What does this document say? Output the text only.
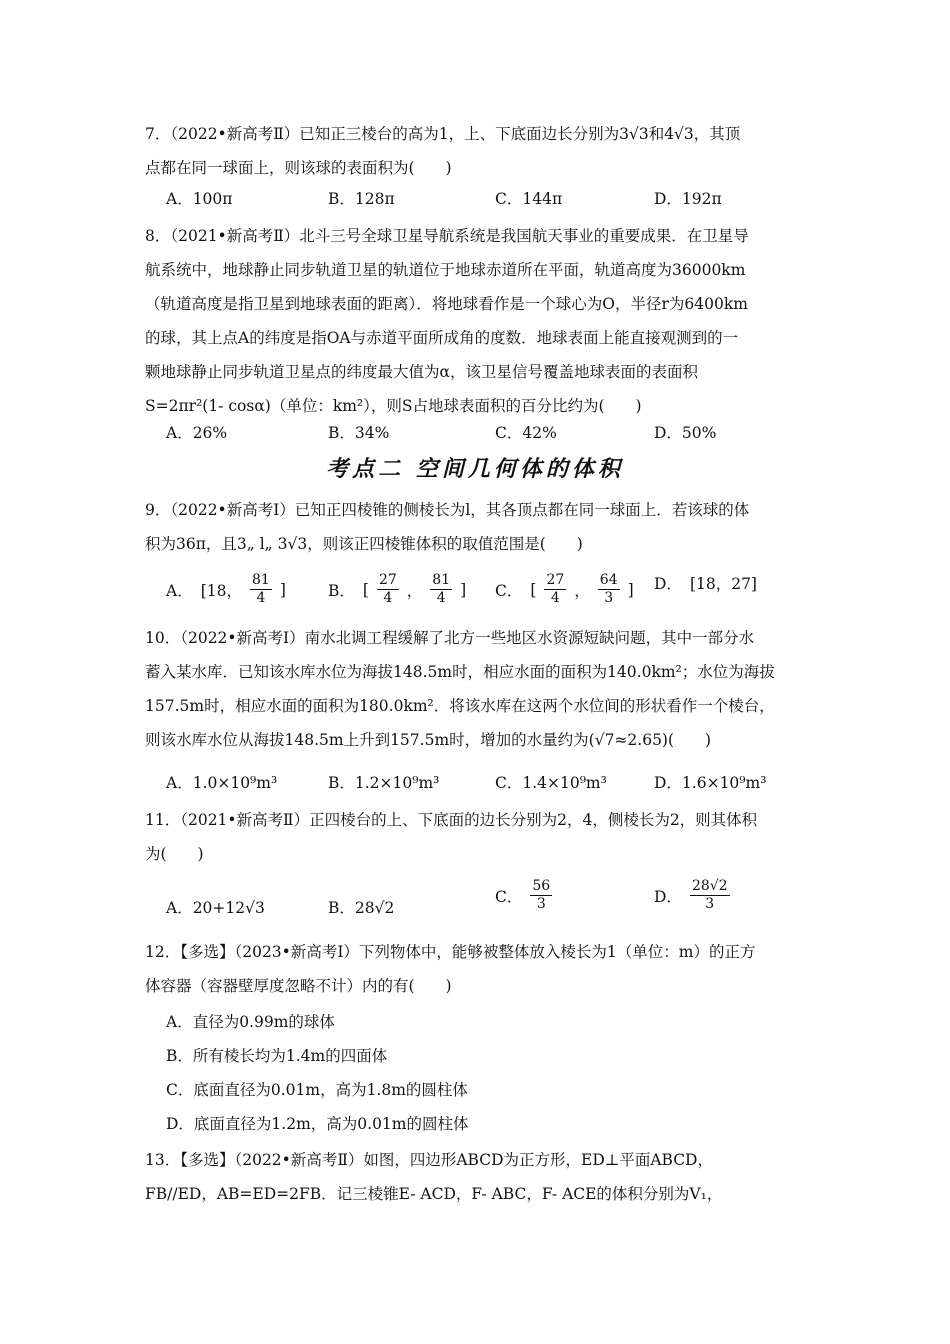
7．（2022•新高考Ⅱ）已知正三棱台的高为1，上、下底面边长分别为3√3和4√3，其顶
点都在同一球面上，则该球的表面积为(　　)
A．100π	B．128π	C．144π	D．192π
8．（2021•新高考Ⅱ）北斗三号全球卫星导航系统是我国航天事业的重要成果．在卫星导
航系统中，地球静止同步轨道卫星的轨道位于地球赤道所在平面，轨道高度为36000km
（轨道高度是指卫星到地球表面的距离）．将地球看作是一个球心为O，半径r为6400km
的球，其上点A的纬度是指OA与赤道平面所成角的度数．地球表面上能直接观测到的一
颗地球静止同步轨道卫星点的纬度最大值为α，该卫星信号覆盖地球表面的表面积
S=2πr²(1- cosα)（单位：km²），则S占地球表面积的百分比约为(　　)
A．26%	B．34%	C．42%	D．50%
考点二 空间几何体的体积
9．（2022•新高考Ⅰ）已知正四棱锥的侧棱长为l，其各顶点都在同一球面上．若该球的体
积为36π，且3„ l„ 3√3，则该正四棱锥体积的取值范围是(　　)
A． [18， $\frac{81}{4}$ ]	B． [ $\frac{27}{4}$ ， $\frac{81}{4}$ ] C． [ $\frac{27}{4}$ ， $\frac{64}{3}$ ] D． [18，27]
10．（2022•新高考Ⅰ）南水北调工程缓解了北方一些地区水资源短缺问题，其中一部分水
蓄入某水库．已知该水库水位为海拔148.5m时，相应水面的面积为140.0km²；水位为海拔
157.5m时，相应水面的面积为180.0km²．将该水库在这两个水位间的形状看作一个棱台，
则该水库水位从海拔148.5m上升到157.5m时，增加的水量约为(√7≈2.65)(　　)
A．1.0×10⁹m³	B．1.2×10⁹m³	C．1.4×10⁹m³	D．1.6×10⁹m³
11．（2021•新高考Ⅱ）正四棱台的上、下底面的边长分别为2，4，侧棱长为2，则其体积
为(　　)
A．20+12√3	B．28√2
C． $\frac{56}{3}$	D． $\frac{28√2}{3}$
12．【多选】（2023•新高考Ⅰ）下列物体中，能够被整体放入棱长为1（单位：m）的正方
体容器（容器壁厚度忽略不计）内的有(　　)
A．直径为0.99m的球体
B．所有棱长均为1.4m的四面体
C．底面直径为0.01m，高为1.8m的圆柱体
D．底面直径为1.2m，高为0.01m的圆柱体
13．【多选】（2022•新高考Ⅱ）如图，四边形ABCD为正方形，ED⊥平面ABCD，
FB//ED，AB=ED=2FB．记三棱锥E- ACD，F- ABC，F- ACE的体积分别为V₁，
